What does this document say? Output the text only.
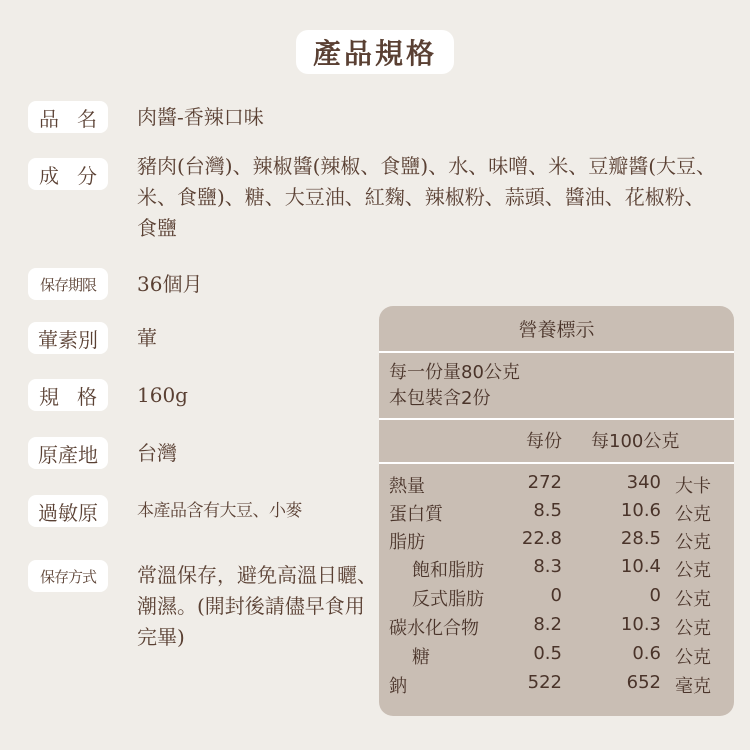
產品規格
品名 肉醬-香辣口味
成分 豬肉(台灣)、辣椒醬(辣椒、食鹽)、水、味噌、米、豆瓣醬(大豆、米、食鹽)、糖、大豆油、紅麴、辣椒粉、蒜頭、醬油、花椒粉、食鹽
保存期限	36個月
葷素別	葷
規格 160g
原產地	台灣
過敏原	本產品含有大豆、小麥
保存方式	常溫保存，避免高溫日曬、潮濕。(開封後請儘早食用完畢)
營養標示
每一份量80公克
本包裝含2份
每份 每100公克
熱量	272	340 大卡
蛋白質	8.5	10.6 公克
脂肪	22.8	28.5 公克
飽和脂肪	8.3	10.4 公克
反式脂肪	0	0 公克
碳水化合物	8.2	10.3 公克
糖	0.5	0.6 公克
鈉	522	652 毫克
